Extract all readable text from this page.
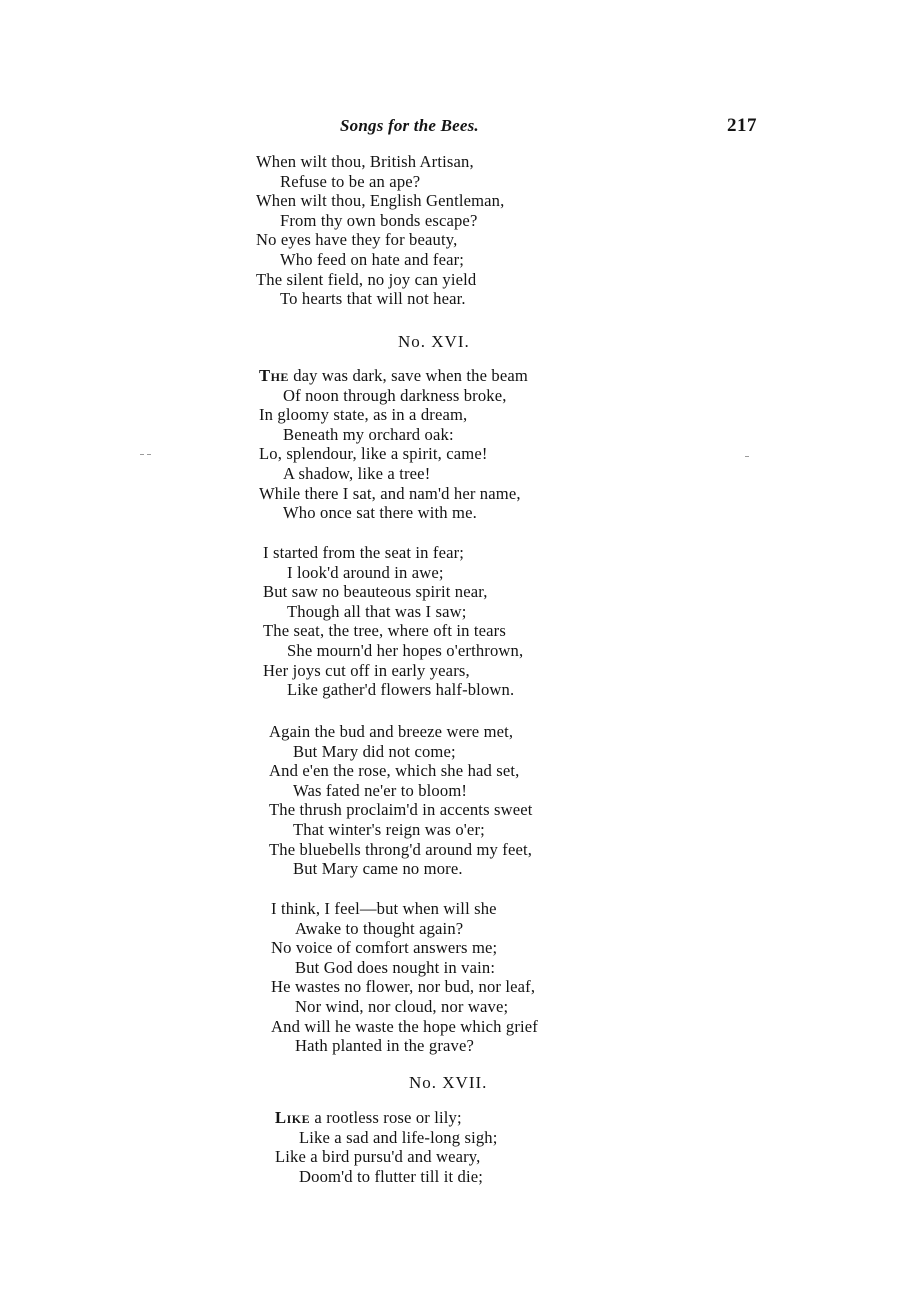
Songs for the Bees.	217
When wilt thou, British Artisan,
Refuse to be an ape?
When wilt thou, English Gentleman,
From thy own bonds escape?
No eyes have they for beauty,
Who feed on hate and fear;
The silent field, no joy can yield
To hearts that will not hear.
No. XVI.
The day was dark, save when the beam
Of noon through darkness broke,
In gloomy state, as in a dream,
Beneath my orchard oak:
Lo, splendour, like a spirit, came!
A shadow, like a tree!
While there I sat, and nam'd her name,
Who once sat there with me.
I started from the seat in fear;
I look'd around in awe;
But saw no beauteous spirit near,
Though all that was I saw;
The seat, the tree, where oft in tears
She mourn'd her hopes o'erthrown,
Her joys cut off in early years,
Like gather'd flowers half-blown.
Again the bud and breeze were met,
But Mary did not come;
And e'en the rose, which she had set,
Was fated ne'er to bloom!
The thrush proclaim'd in accents sweet
That winter's reign was o'er;
The bluebells throng'd around my feet,
But Mary came no more.
I think, I feel—but when will she
Awake to thought again?
No voice of comfort answers me;
But God does nought in vain:
He wastes no flower, nor bud, nor leaf,
Nor wind, nor cloud, nor wave;
And will he waste the hope which grief
Hath planted in the grave?
No. XVII.
Like a rootless rose or lily;
Like a sad and life-long sigh;
Like a bird pursu'd and weary,
Doom'd to flutter till it die;
